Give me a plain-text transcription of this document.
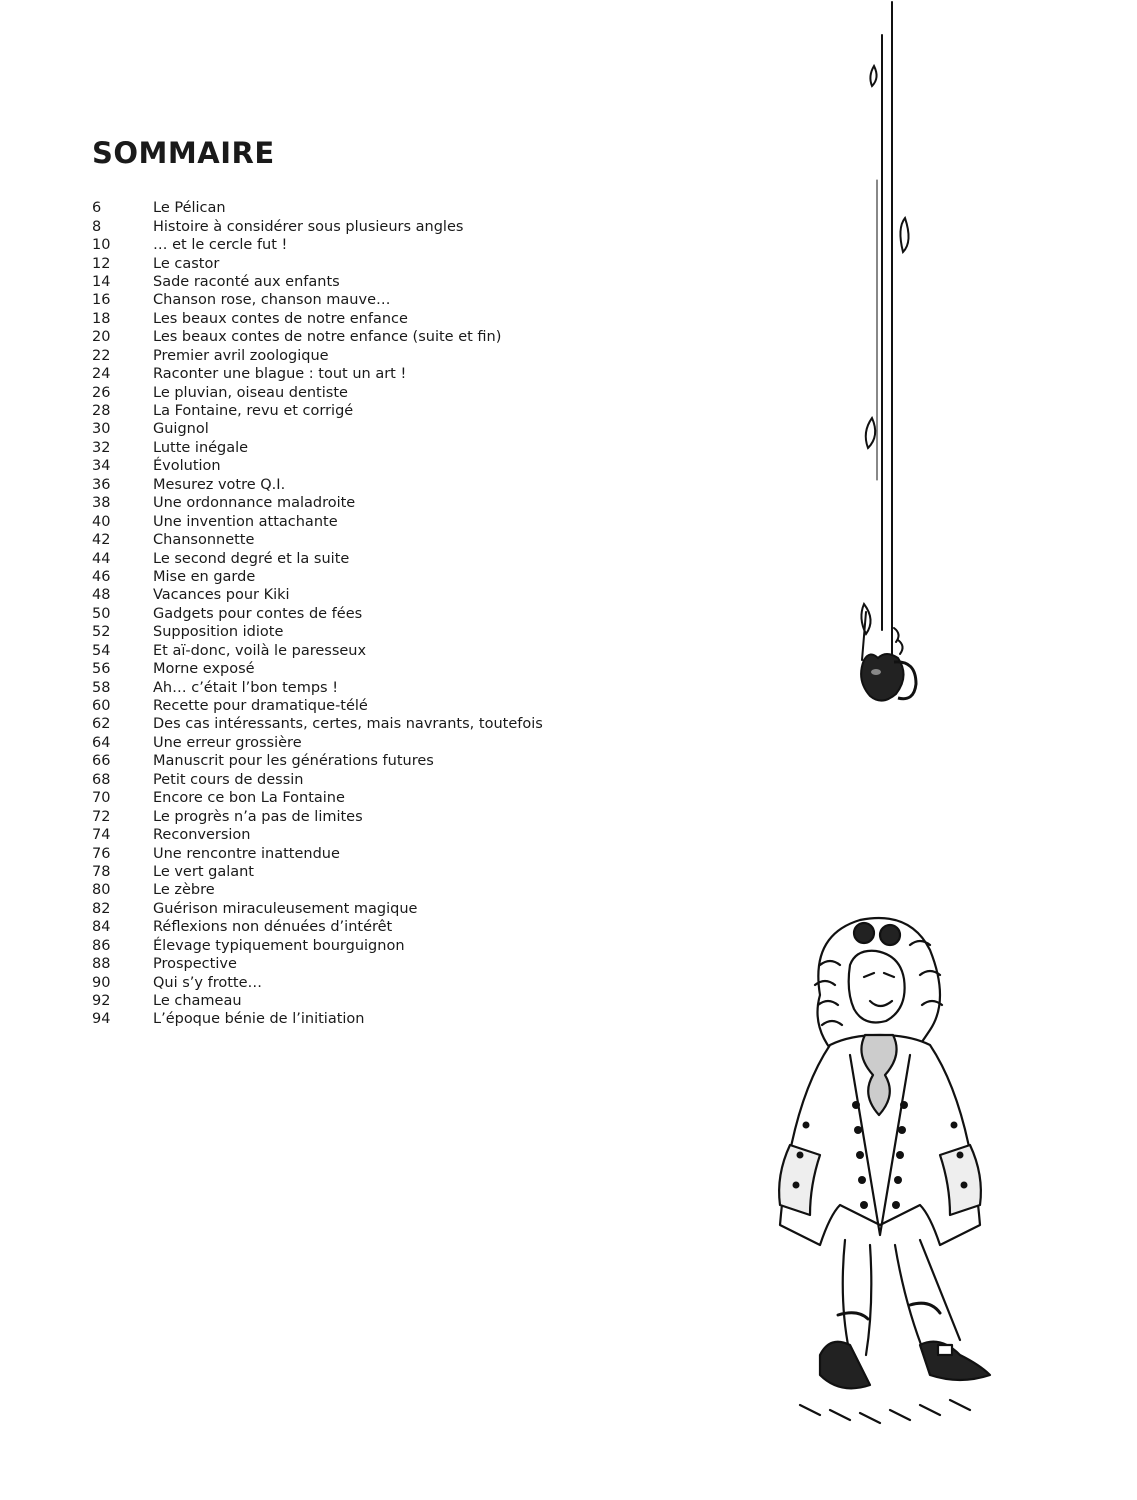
SOMMAIRE
6	Le Pélican
8	Histoire à considérer sous plusieurs angles
10	… et le cercle fut !
12	Le castor
14	Sade raconté aux enfants
16	Chanson rose, chanson mauve…
18	Les beaux contes de notre enfance
20	Les beaux contes de notre enfance (suite et fin)
22	Premier avril zoologique
24	Raconter une blague : tout un art !
26	Le pluvian, oiseau dentiste
28	La Fontaine, revu et corrigé
30	Guignol
32	Lutte inégale
34	Évolution
36	Mesurez votre Q.I.
38	Une ordonnance maladroite
40	Une invention attachante
42	Chansonnette
44	Le second degré et la suite
46	Mise en garde
48	Vacances pour Kiki
50	Gadgets pour contes de fées
52	Supposition idiote
54	Et aï-donc, voilà le paresseux
56	Morne exposé
58	Ah… c’était l’bon temps !
60	Recette pour dramatique-télé
62	Des cas intéressants, certes, mais navrants, toutefois
64	Une erreur grossière
66	Manuscrit pour les générations futures
68	Petit cours de dessin
70	Encore ce bon La Fontaine
72	Le progrès n’a pas de limites
74	Reconversion
76	Une rencontre inattendue
78	Le vert galant
80	Le zèbre
82	Guérison miraculeusement magique
84	Réflexions non dénuées d’intérêt
86	Élevage typiquement bourguignon
88	Prospective
90	Qui s’y frotte…
92	Le chameau
94	L’époque bénie de l’initiation
